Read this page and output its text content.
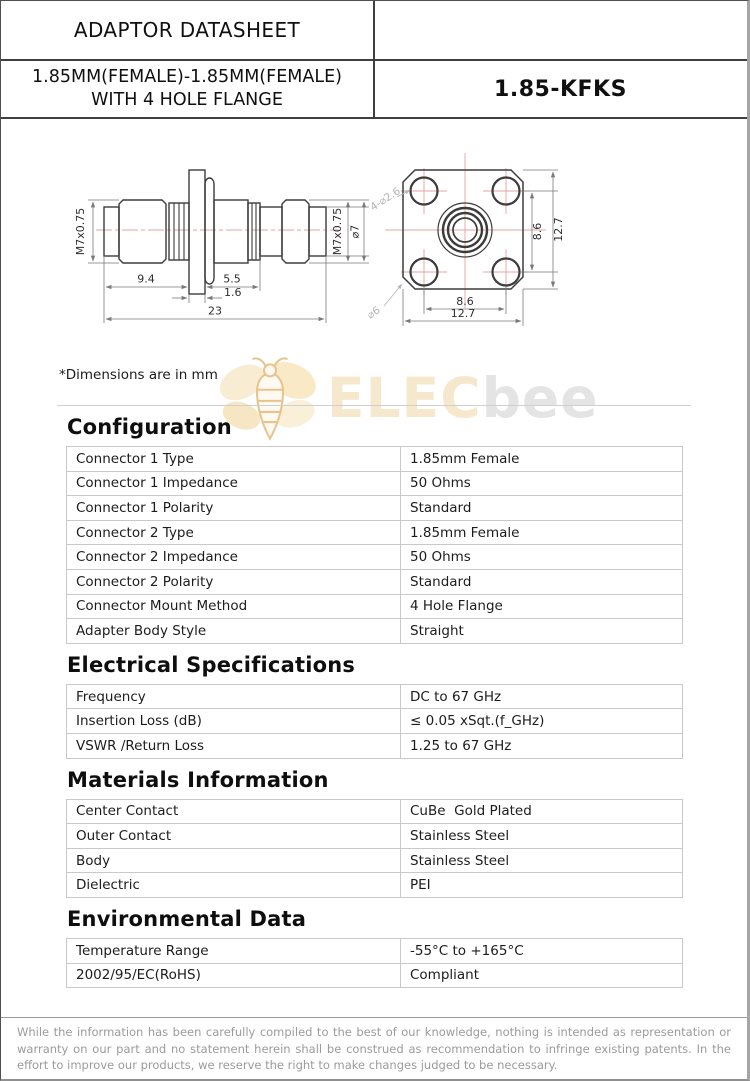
ADAPTOR DATASHEET
1.85MM(FEMALE)-1.85MM(FEMALE)
WITH 4 HOLE FLANGE	1.85-KFKS
ELECbee
M7x0.75	M7x0.75 ⌀7
9.4	5.5
1.6
23
8.6 12.7
8.6
12.7
4-⌀2.6
⌀6
*Dimensions are in mm
Configuration
Connector 1 Type	1.85mm Female
Connector 1 Impedance	50 Ohms
Connector 1 Polarity	Standard
Connector 2 Type	1.85mm Female
Connector 2 Impedance	50 Ohms
Connector 2 Polarity	Standard
Connector Mount Method	4 Hole Flange
Adapter Body Style	Straight
Electrical Specifications
Frequency	DC to 67 GHz
Insertion Loss (dB)	≤ 0.05 xSqt.(f_GHz)
VSWR /Return Loss	1.25 to 67 GHz
Materials Information
Center Contact	CuBe  Gold Plated
Outer Contact	Stainless Steel
Body	Stainless Steel
Dielectric	PEI
Environmental Data
Temperature Range	-55°C to +165°C
2002/95/EC(RoHS)	Compliant
While the information has been carefully compiled to the best of our knowledge, nothing is intended as representation or warranty on our part and no statement herein shall be construed as recommendation to infringe existing patents. In the effort to improve our products, we reserve the right to make changes judged to be necessary.
